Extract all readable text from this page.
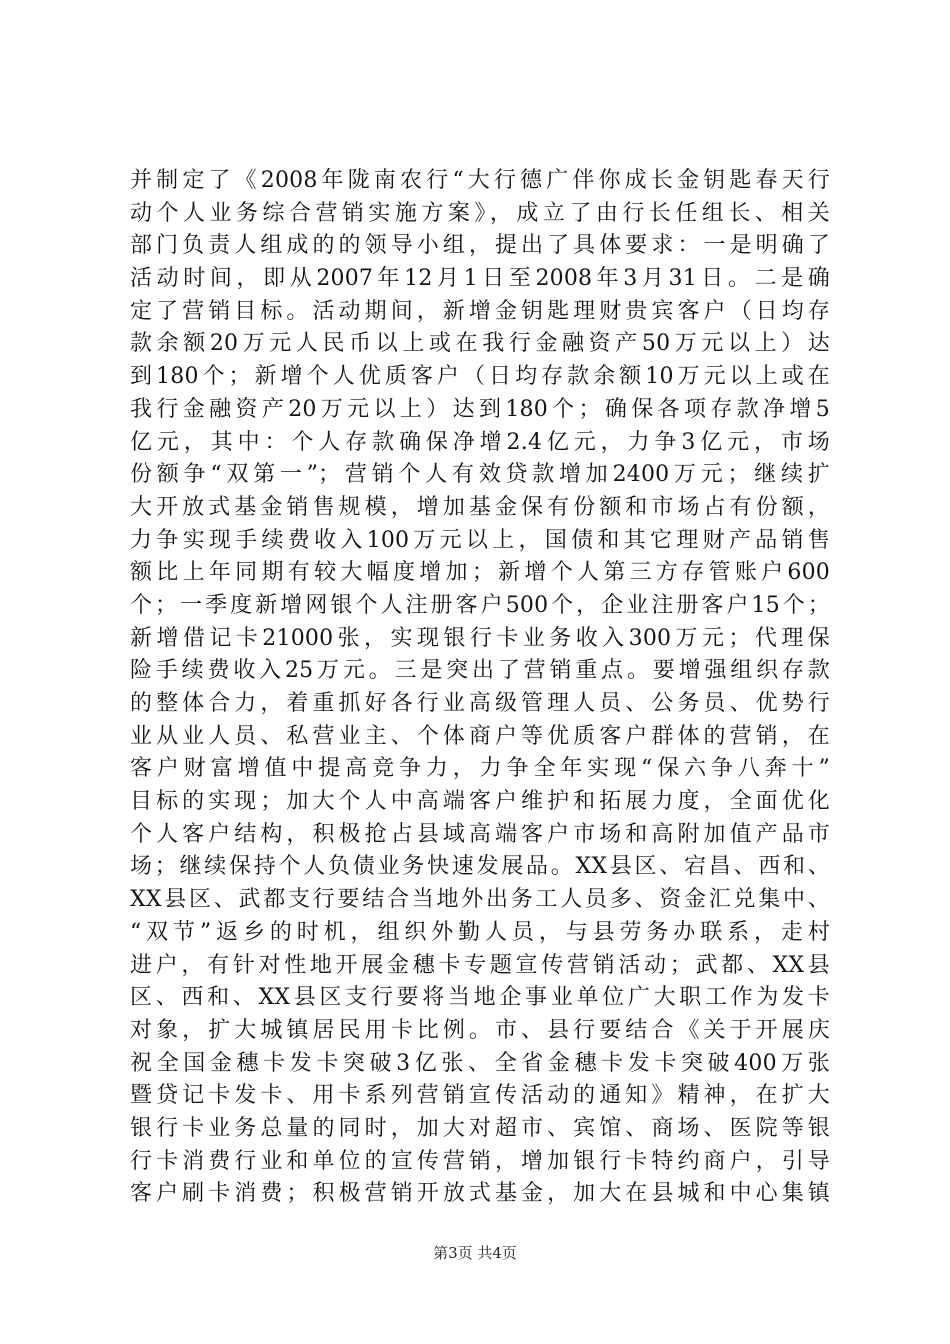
并制定了《2008年陇南农行“大行德广伴你成长金钥匙春天行
动个人业务综合营销实施方案》，成立了由行长任组长、相关
部门负责人组成的的领导小组，提出了具体要求：一是明确了
活动时间，即从2007年12月1日至2008年3月31日。二是确
定了营销目标。活动期间，新增金钥匙理财贵宾客户（日均存
款余额20万元人民币以上或在我行金融资产50万元以上）达
到180个；新增个人优质客户（日均存款余额10万元以上或在
我行金融资产20万元以上）达到180个；确保各项存款净增5
亿元，其中：个人存款确保净增2.4亿元，力争3亿元，市场
份额争“双第一”；营销个人有效贷款增加2400万元；继续扩
大开放式基金销售规模，增加基金保有份额和市场占有份额，
力争实现手续费收入100万元以上，国债和其它理财产品销售
额比上年同期有较大幅度增加；新增个人第三方存管账户600
个；一季度新增网银个人注册客户500个，企业注册客户15个；
新增借记卡21000张，实现银行卡业务收入300万元；代理保
险手续费收入25万元。三是突出了营销重点。要增强组织存款
的整体合力，着重抓好各行业高级管理人员、公务员、优势行
业从业人员、私营业主、个体商户等优质客户群体的营销，在
客户财富增值中提高竞争力，力争全年实现“保六争八奔十”
目标的实现；加大个人中高端客户维护和拓展力度，全面优化
个人客户结构，积极抢占县域高端客户市场和高附加值产品市
场；继续保持个人负债业务快速发展品。XX县区、宕昌、西和、
XX县区、武都支行要结合当地外出务工人员多、资金汇兑集中、
“双节”返乡的时机，组织外勤人员，与县劳务办联系，走村
进户，有针对性地开展金穗卡专题宣传营销活动；武都、XX县
区、西和、XX县区支行要将当地企事业单位广大职工作为发卡
对象，扩大城镇居民用卡比例。市、县行要结合《关于开展庆
祝全国金穗卡发卡突破3亿张、全省金穗卡发卡突破400万张
暨贷记卡发卡、用卡系列营销宣传活动的通知》精神，在扩大
银行卡业务总量的同时，加大对超市、宾馆、商场、医院等银
行卡消费行业和单位的宣传营销，增加银行卡特约商户，引导
客户刷卡消费；积极营销开放式基金，加大在县城和中心集镇
第3页 共4页
